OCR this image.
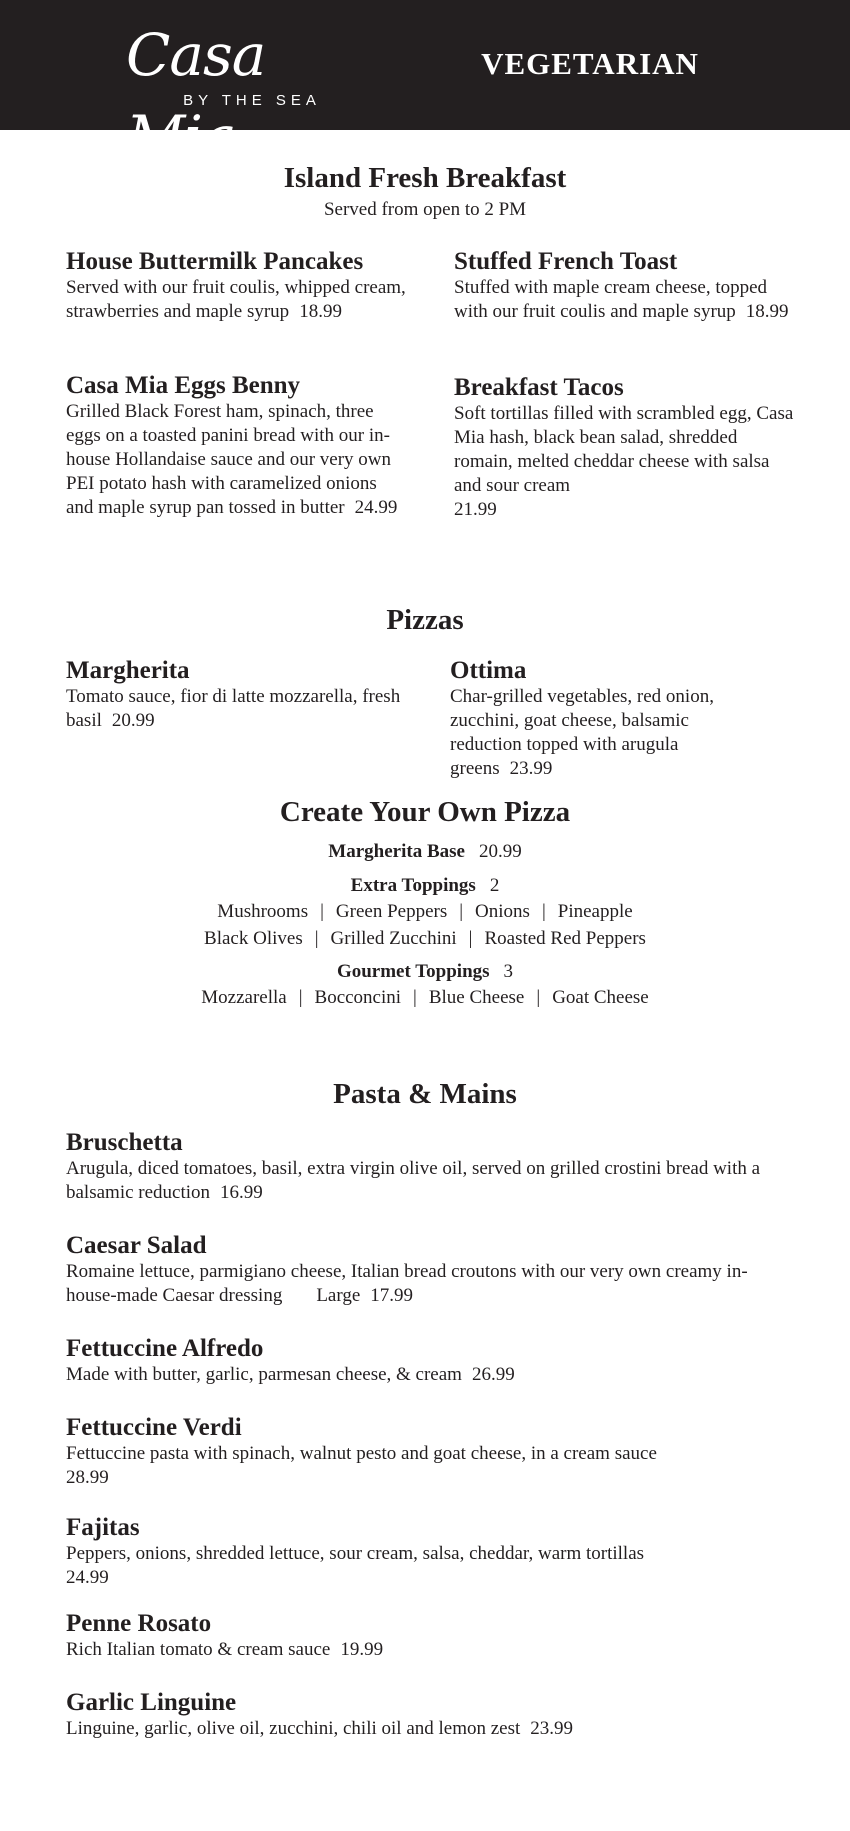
Casa Mia
BY THE SEA
VEGETARIAN
Island Fresh Breakfast
Served from open to 2 PM
House Buttermilk Pancakes
Served with our fruit coulis, whipped cream, strawberries and maple syrup 18.99
Stuffed French Toast
Stuffed with maple cream cheese, topped with our fruit coulis and maple syrup 18.99
Casa Mia Eggs Benny
Grilled Black Forest ham, spinach, three eggs on a toasted panini bread with our in-house Hollandaise sauce and our very own PEI potato hash with caramelized onions and maple syrup pan tossed in butter 24.99
Breakfast Tacos
Soft tortillas filled with scrambled egg, Casa Mia hash, black bean salad, shredded romain, melted cheddar cheese with salsa and sour cream
21.99
Pizzas
Margherita
Tomato sauce, fior di latte mozzarella, fresh basil 20.99
Ottima
Char-grilled vegetables, red onion, zucchini, goat cheese, balsamic reduction topped with arugula greens 23.99
Create Your Own Pizza
Margherita Base 20.99
Extra Toppings 2
Mushrooms | Green Peppers | Onions | Pineapple
Black Olives | Grilled Zucchini | Roasted Red Peppers
Gourmet Toppings 3
Mozzarella | Bocconcini | Blue Cheese | Goat Cheese
Pasta & Mains
Bruschetta
Arugula, diced tomatoes, basil, extra virgin olive oil, served on grilled crostini bread with a balsamic reduction 16.99
Caesar Salad
Romaine lettuce, parmigiano cheese, Italian bread croutons with our very own creamy in-house-made Caesar dressing Large 17.99
Fettuccine Alfredo
Made with butter, garlic, parmesan cheese, & cream 26.99
Fettuccine Verdi
Fettuccine pasta with spinach, walnut pesto and goat cheese, in a cream sauce
28.99
Fajitas
Peppers, onions, shredded lettuce, sour cream, salsa, cheddar, warm tortillas
24.99
Penne Rosato
Rich Italian tomato & cream sauce 19.99
Garlic Linguine
Linguine, garlic, olive oil, zucchini, chili oil and lemon zest 23.99
